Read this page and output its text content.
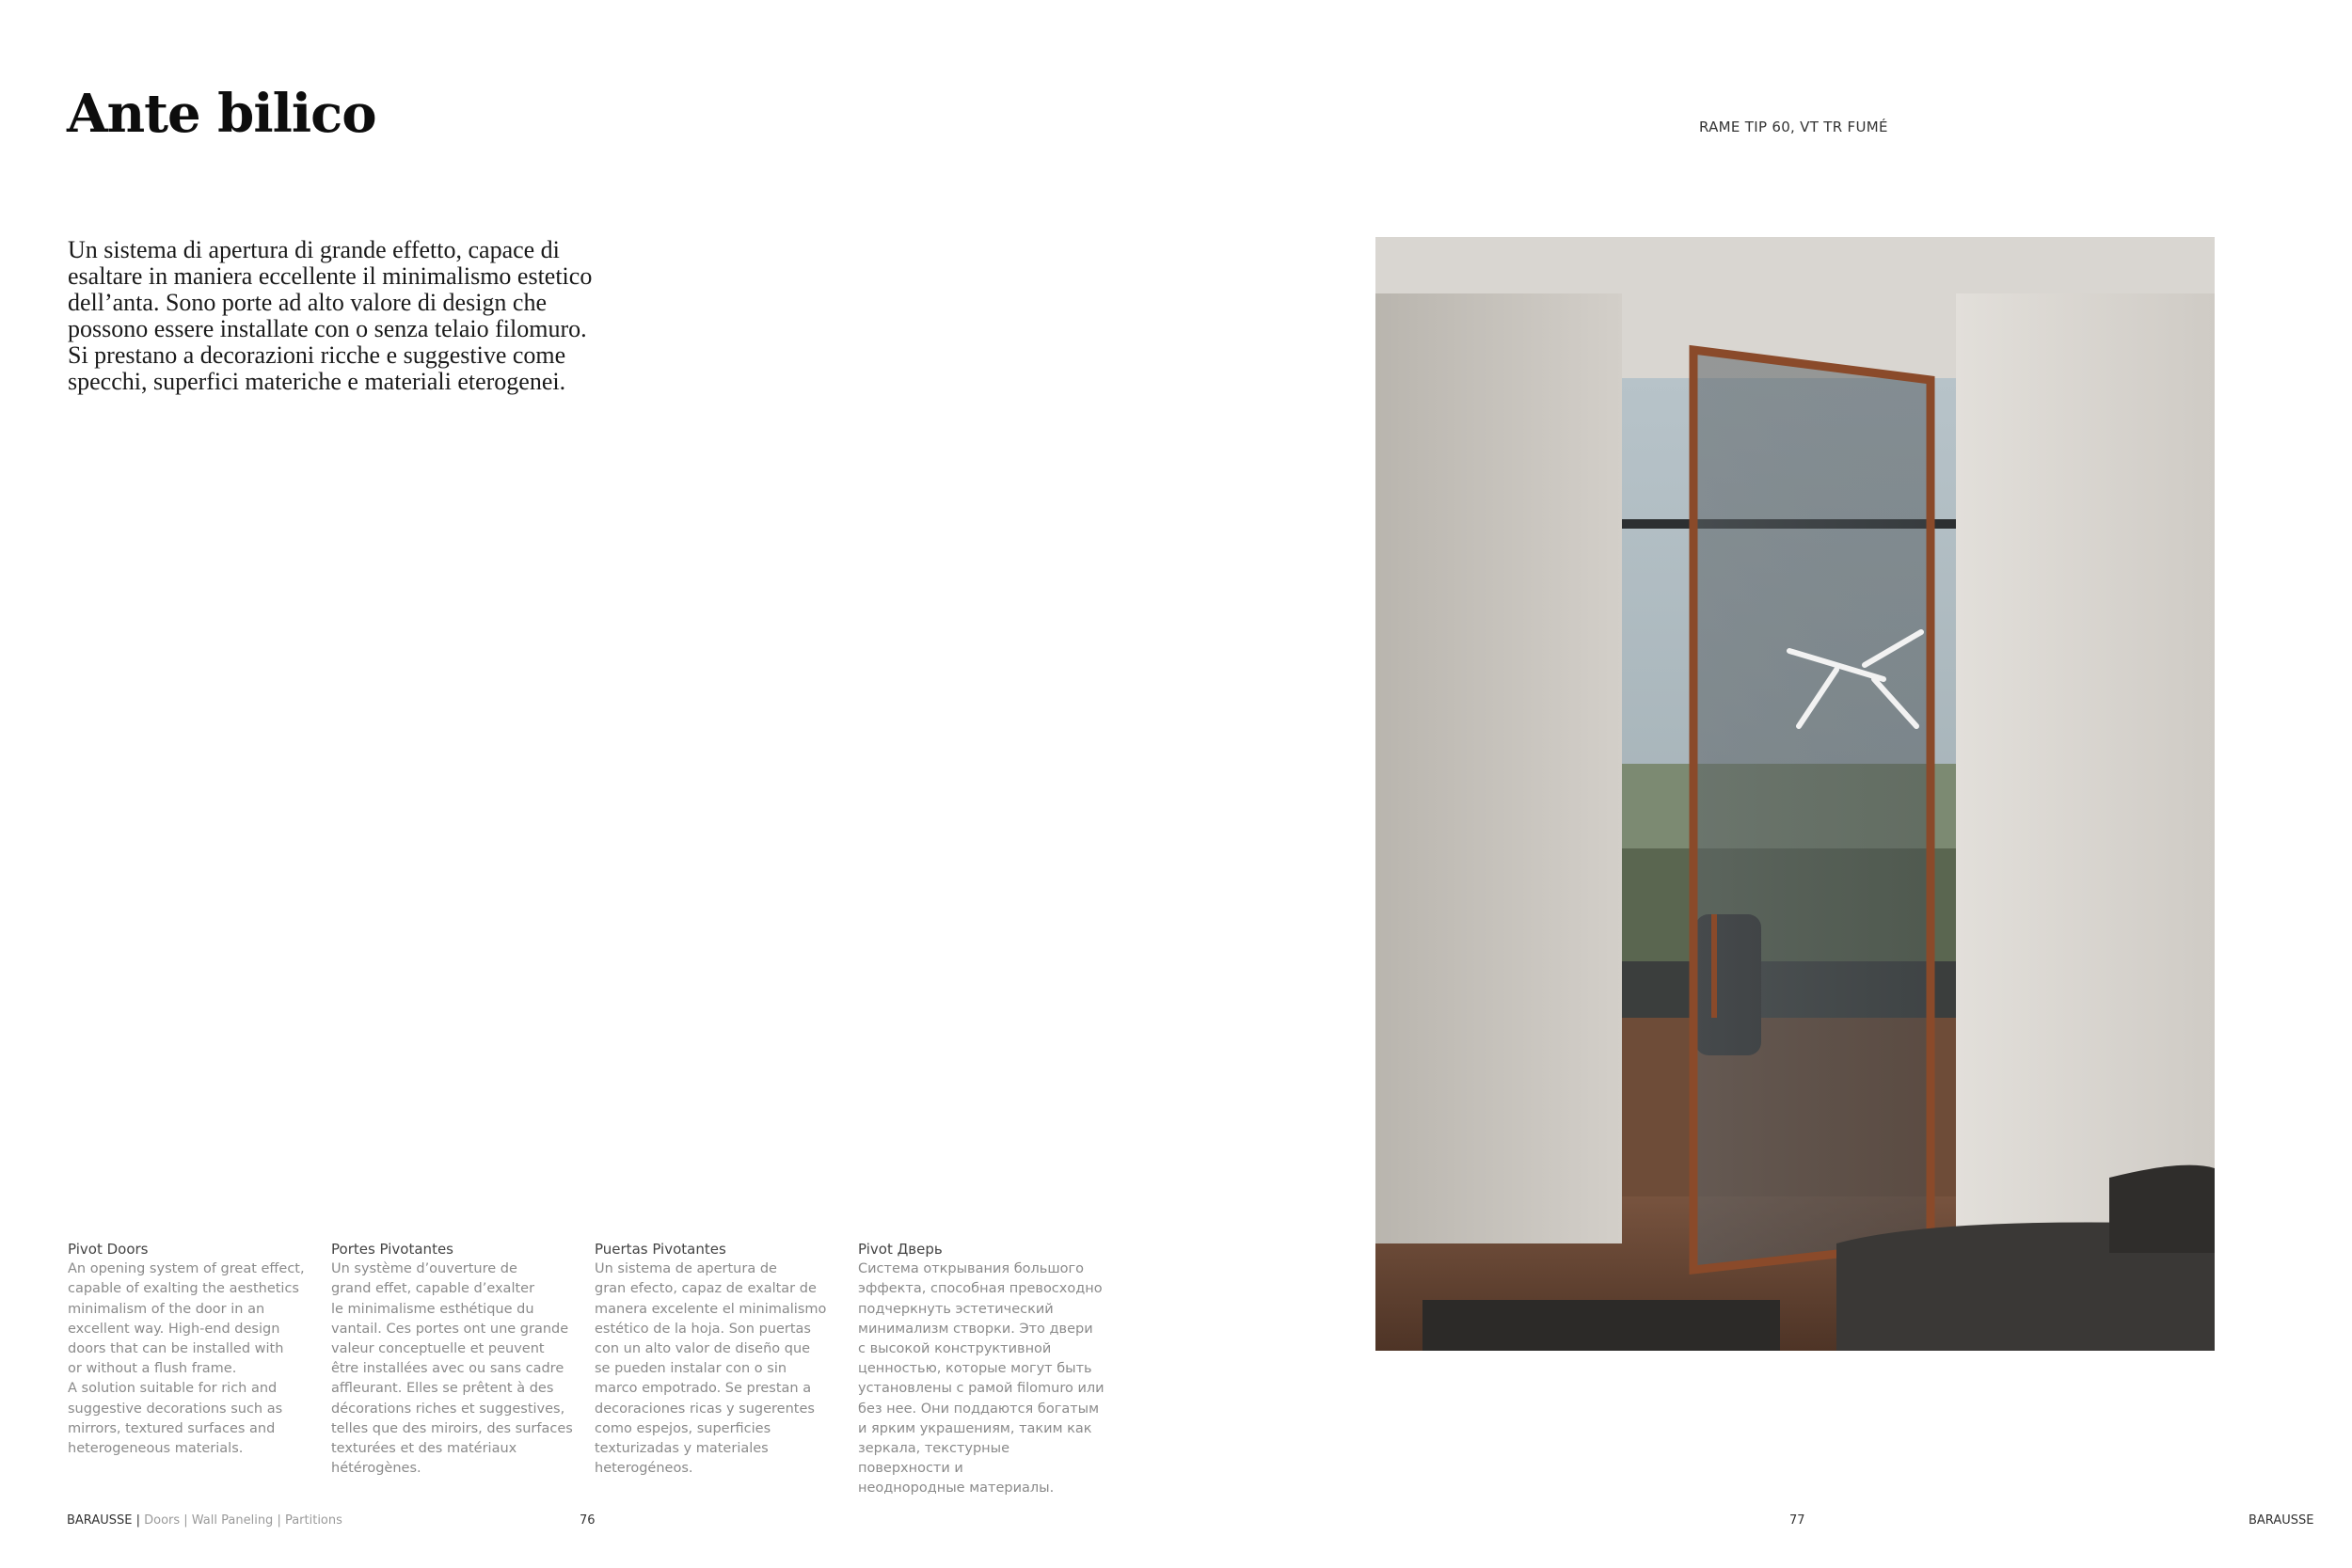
Ante bilico	RAME TIP 60, VT TR FUMÉ

Un sistema di apertura di grande effetto, capace di esaltare in maniera eccellente il minimalismo estetico dell’anta. Sono porte ad alto valore di design che possono essere installate con o senza telaio filomuro. Si prestano a decorazioni ricche e suggestive come specchi, superfici materiche e materiali eterogenei.

Pivot Doors

An opening system of great effect,
capable of exalting the aesthetics
minimalism of the door in an
excellent way. High-end design
doors that can be installed with
or without a flush frame.
A solution suitable for rich and
suggestive decorations such as
mirrors, textured surfaces and
heterogeneous materials.

Portes Pivotantes

Un système d’ouverture de
grand effet, capable d’exalter
le minimalisme esthétique du
vantail. Ces portes ont une grande
valeur conceptuelle et peuvent
être installées avec ou sans cadre
affleurant. Elles se prêtent à des
décorations riches et suggestives,
telles que des miroirs, des surfaces
texturées et des matériaux
hétérogènes.

Puertas Pivotantes

Un sistema de apertura de
gran efecto, capaz de exaltar de
manera excelente el minimalismo
estético de la hoja. Son puertas
con un alto valor de diseño que
se pueden instalar con o sin
marco empotrado. Se prestan a
decoraciones ricas y sugerentes
como espejos, superficies
texturizadas y materiales
heterogéneos.

Pivot Дверь

Система открывания большого
эффекта, способная превосходно
подчеркнуть эстетический
минимализм створки. Это двери
с высокой конструктивной
ценностью, которые могут быть
установлены с рамой filomuro или
без нее. Они поддаются богатым
и ярким украшениям, таким как
зеркала, текстурные поверхности и
неоднородные материалы.

BARAUSSE | Doors | Wall Paneling | Partitions	76	77	BARAUSSE
